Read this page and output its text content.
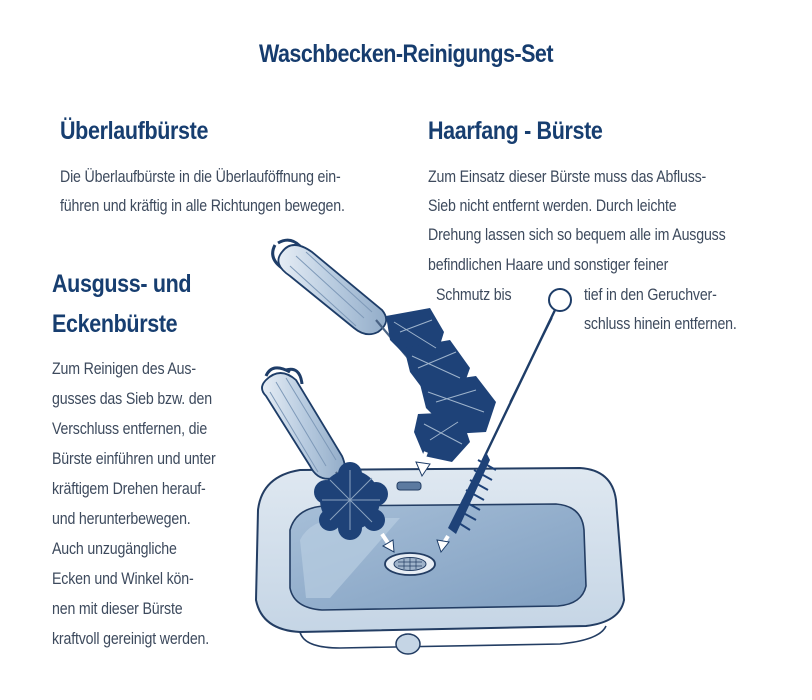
Waschbecken-Reinigungs-Set
Überlaufbürste

Die Überlaufbürste in die Überlauföffnung ein-

führen und kräftig in alle Richtungen bewegen.

Haarfang - Bürste

Zum Einsatz dieser Bürste muss das Abfluss-

Sieb nicht entfernt werden. Durch leichte

Drehung lassen sich so bequem alle im Ausguss

befindlichen Haare und sonstiger feiner

Schmutz bis	tief in den Geruchver-

schluss hinein entfernen.

Ausguss- und
Eckenbürste

Zum Reinigen des Aus-

gusses das Sieb bzw. den

Verschluss entfernen, die

Bürste einführen und unter

kräftigem Drehen herauf-

und herunterbewegen.

Auch unzugängliche

Ecken und Winkel kön-

nen mit dieser Bürste

kraftvoll gereinigt werden.
